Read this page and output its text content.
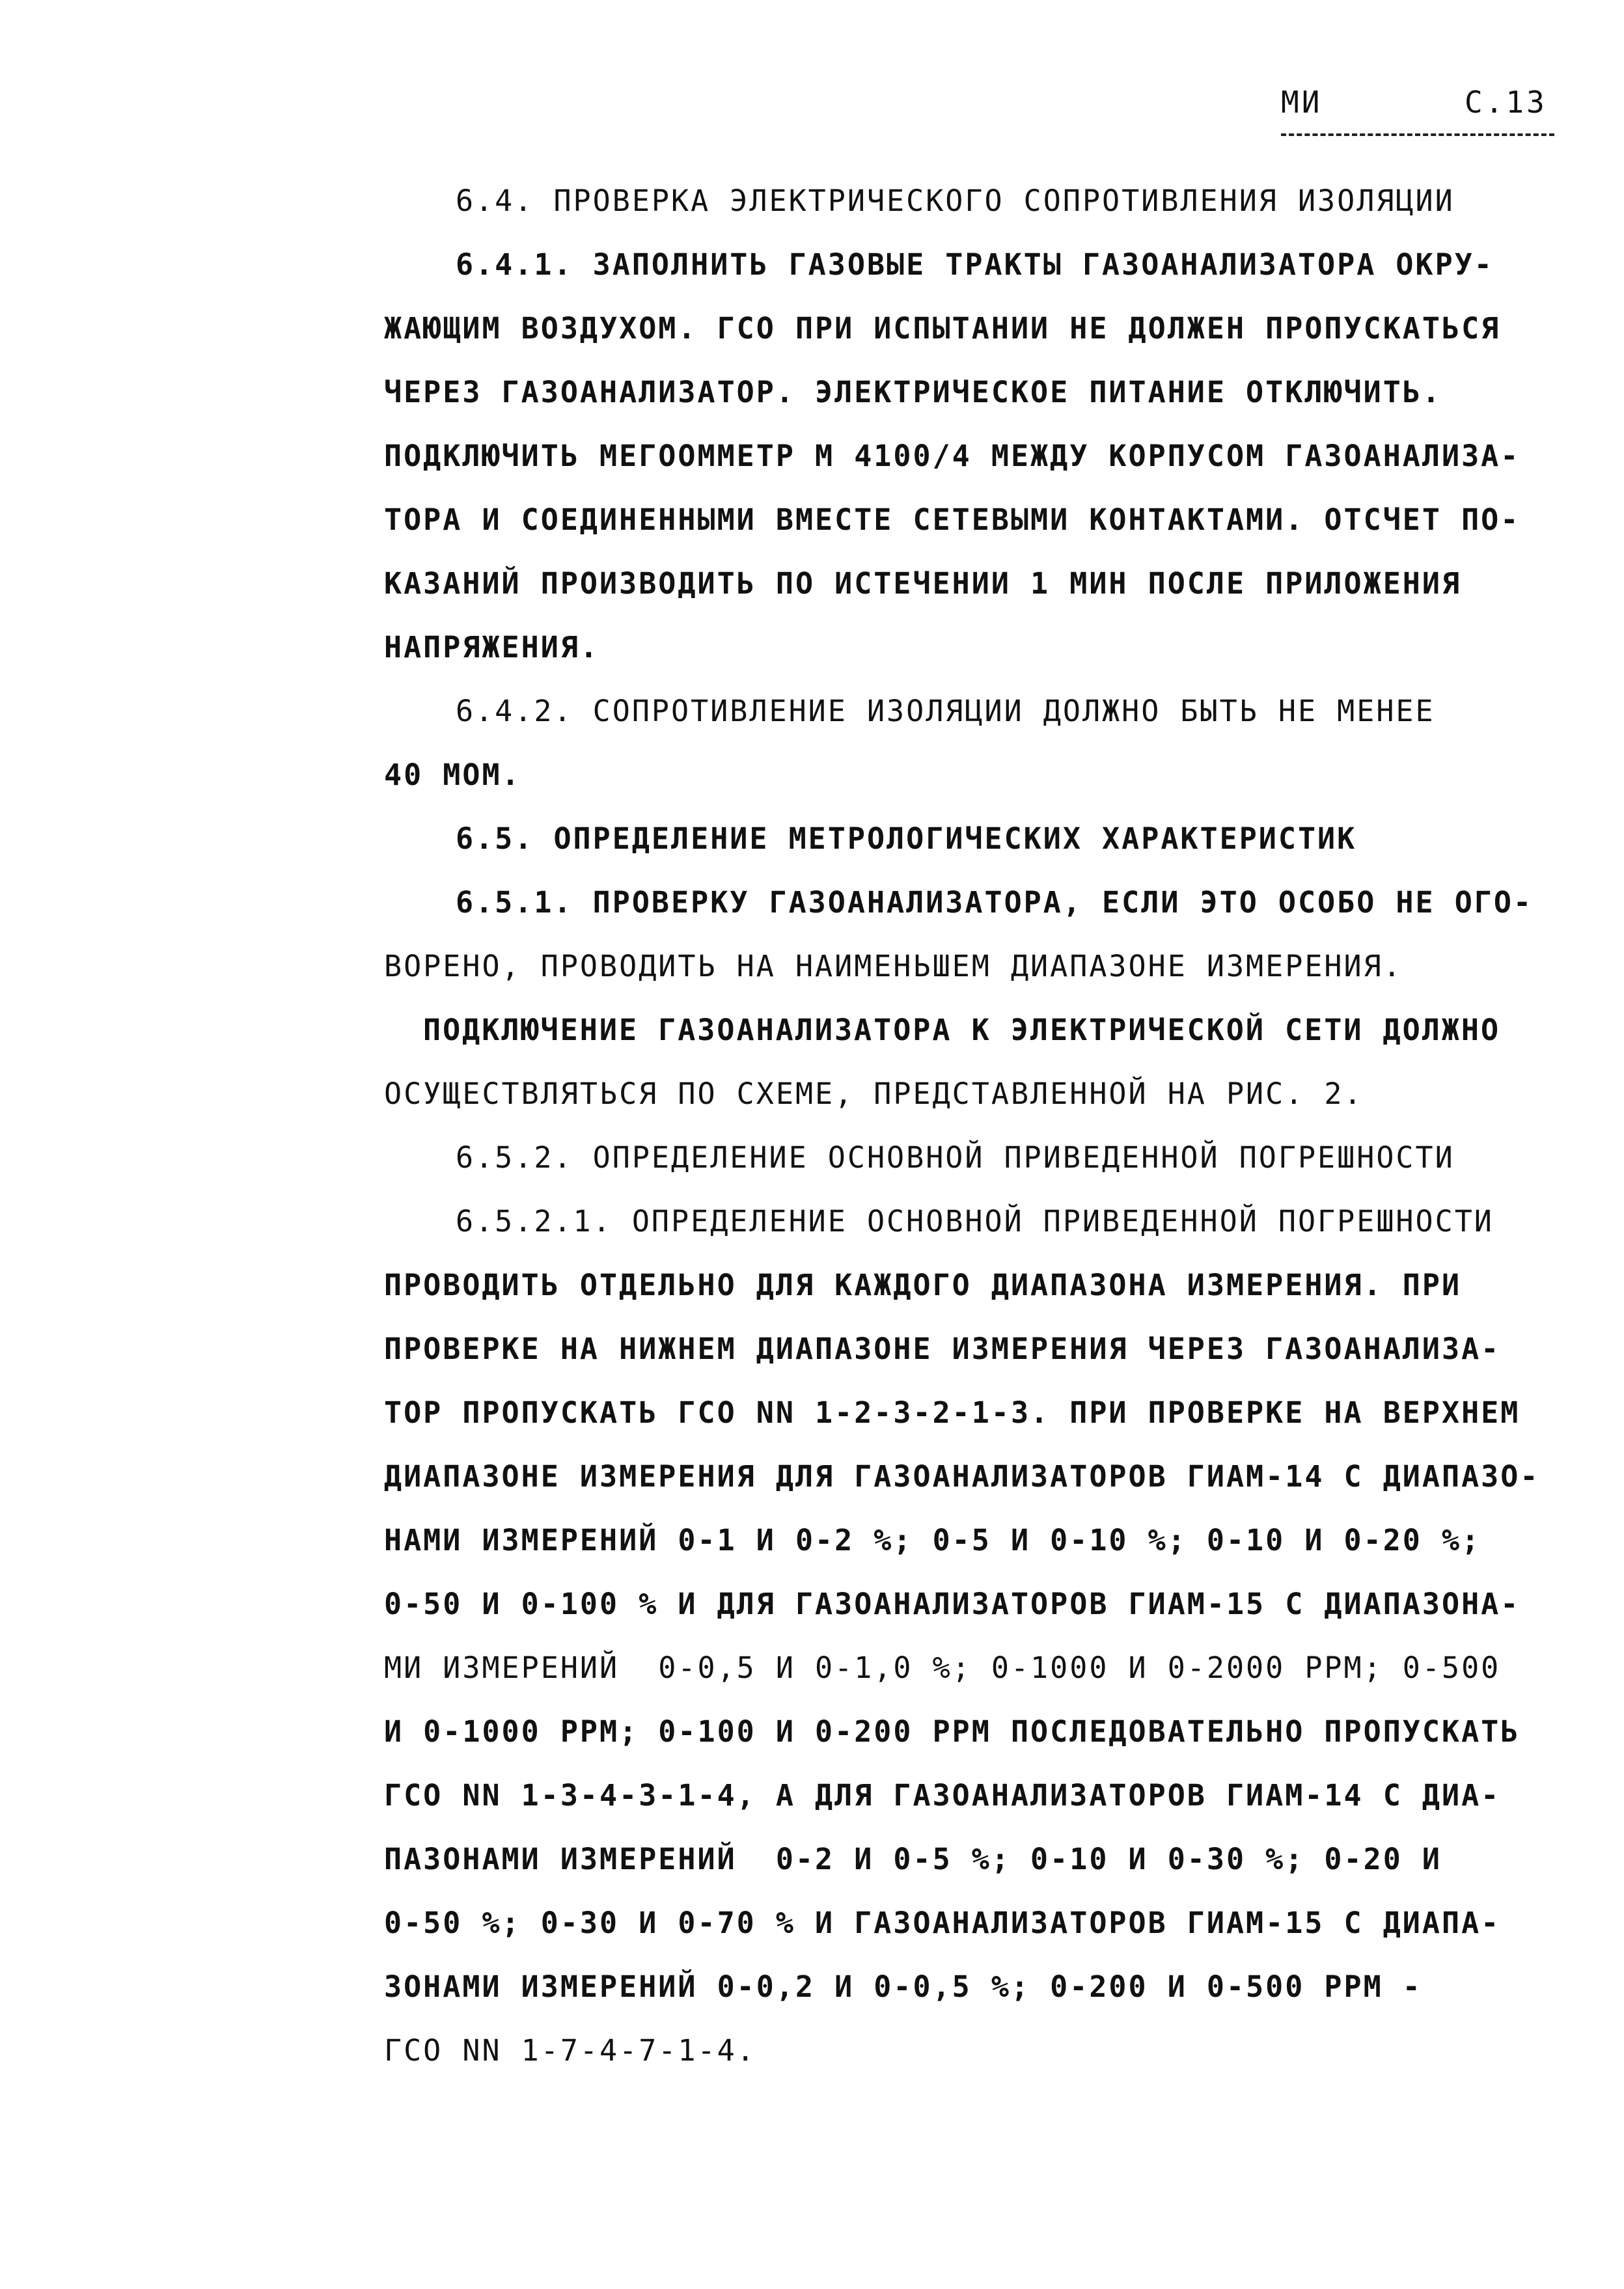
МИ	С.13
6.4. ПРОВЕРКА ЭЛЕКТРИЧЕСКОГО СОПРОТИВЛЕНИЯ ИЗОЛЯЦИИ
6.4.1. ЗАПОЛНИТЬ ГАЗОВЫЕ ТРАКТЫ ГАЗОАНАЛИЗАТОРА ОКРУ-
ЖАЮЩИМ ВОЗДУХОМ. ГСО ПРИ ИСПЫТАНИИ НЕ ДОЛЖЕН ПРОПУСКАТЬСЯ
ЧЕРЕЗ ГАЗОАНАЛИЗАТОР. ЭЛЕКТРИЧЕСКОЕ ПИТАНИЕ ОТКЛЮЧИТЬ.
ПОДКЛЮЧИТЬ МЕГООММЕТР М 4100/4 МЕЖДУ КОРПУСОМ ГАЗОАНАЛИЗА-
ТОРА И СОЕДИНЕННЫМИ ВМЕСТЕ СЕТЕВЫМИ КОНТАКТАМИ. ОТСЧЕТ ПО-
КАЗАНИЙ ПРОИЗВОДИТЬ ПО ИСТЕЧЕНИИ 1 МИН ПОСЛЕ ПРИЛОЖЕНИЯ
НАПРЯЖЕНИЯ.
6.4.2. СОПРОТИВЛЕНИЕ ИЗОЛЯЦИИ ДОЛЖНО БЫТЬ НЕ МЕНЕЕ
40 МОМ.
6.5. ОПРЕДЕЛЕНИЕ МЕТРОЛОГИЧЕСКИХ ХАРАКТЕРИСТИК
6.5.1. ПРОВЕРКУ ГАЗОАНАЛИЗАТОРА, ЕСЛИ ЭТО ОСОБО НЕ ОГО-
ВОРЕНО, ПРОВОДИТЬ НА НАИМЕНЬШЕМ ДИАПАЗОНЕ ИЗМЕРЕНИЯ.
ПОДКЛЮЧЕНИЕ ГАЗОАНАЛИЗАТОРА К ЭЛЕКТРИЧЕСКОЙ СЕТИ ДОЛЖНО
ОСУЩЕСТВЛЯТЬСЯ ПО СХЕМЕ, ПРЕДСТАВЛЕННОЙ НА РИС. 2.
6.5.2. ОПРЕДЕЛЕНИЕ ОСНОВНОЙ ПРИВЕДЕННОЙ ПОГРЕШНОСТИ
6.5.2.1. ОПРЕДЕЛЕНИЕ ОСНОВНОЙ ПРИВЕДЕННОЙ ПОГРЕШНОСТИ
ПРОВОДИТЬ ОТДЕЛЬНО ДЛЯ КАЖДОГО ДИАПАЗОНА ИЗМЕРЕНИЯ. ПРИ
ПРОВЕРКЕ НА НИЖНЕМ ДИАПАЗОНЕ ИЗМЕРЕНИЯ ЧЕРЕЗ ГАЗОАНАЛИЗА-
ТОР ПРОПУСКАТЬ ГСО NN 1-2-3-2-1-3. ПРИ ПРОВЕРКЕ НА ВЕРХНЕМ
ДИАПАЗОНЕ ИЗМЕРЕНИЯ ДЛЯ ГАЗОАНАЛИЗАТОРОВ ГИАМ-14 С ДИАПАЗО-
НАМИ ИЗМЕРЕНИЙ 0-1 И 0-2 %; 0-5 И 0-10 %; 0-10 И 0-20 %;
0-50 И 0-100 % И ДЛЯ ГАЗОАНАЛИЗАТОРОВ ГИАМ-15 С ДИАПАЗОНА-
МИ ИЗМЕРЕНИЙ  0-0,5 И 0-1,0 %; 0-1000 И 0-2000 PPM; 0-500
И 0-1000 PPM; 0-100 И 0-200 PPM ПОСЛЕДОВАТЕЛЬНО ПРОПУСКАТЬ
ГСО NN 1-3-4-3-1-4, А ДЛЯ ГАЗОАНАЛИЗАТОРОВ ГИАМ-14 С ДИА-
ПАЗОНАМИ ИЗМЕРЕНИЙ  0-2 И 0-5 %; 0-10 И 0-30 %; 0-20 И
0-50 %; 0-30 И 0-70 % И ГАЗОАНАЛИЗАТОРОВ ГИАМ-15 С ДИАПА-
ЗОНАМИ ИЗМЕРЕНИЙ 0-0,2 И 0-0,5 %; 0-200 И 0-500 PPM -
ГСО NN 1-7-4-7-1-4.
